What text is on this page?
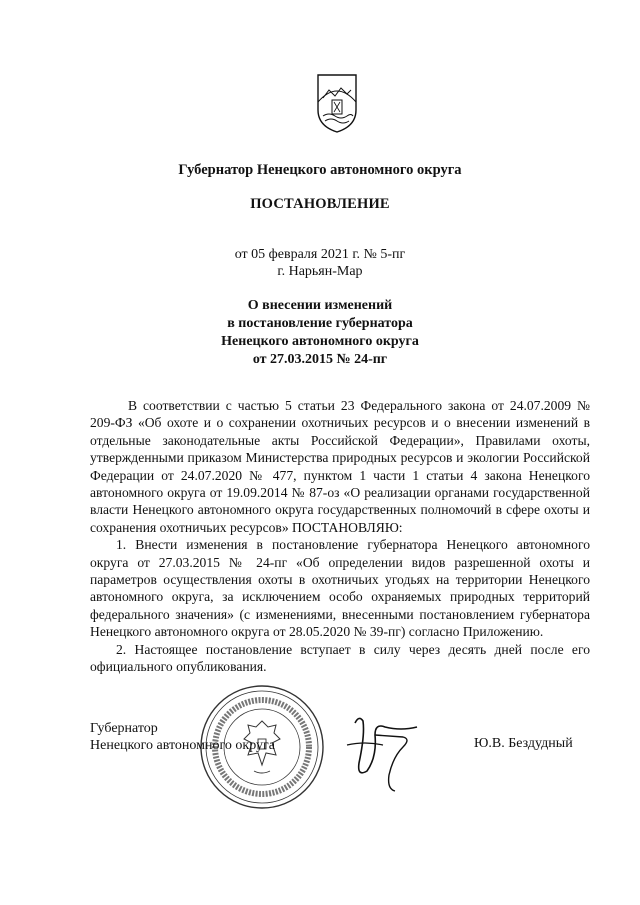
Губернатор Ненецкого автономного округа
ПОСТАНОВЛЕНИЕ
от 05 февраля 2021 г. № 5-пг
г. Нарьян-Мар
О внесении изменений
в постановление губернатора
Ненецкого автономного округа
от 27.03.2015 № 24-пг

В соответствии с частью 5 статьи 23 Федерального закона от 24.07.2009 № 209-ФЗ «Об охоте и о сохранении охотничьих ресурсов и о внесении изменений в отдельные законодательные акты Российской Федерации», Правилами охоты, утвержденными приказом Министерства природных ресурсов и экологии Российской Федерации от 24.07.2020 № 477, пунктом 1 части 1 статьи 4 закона Ненецкого автономного округа от 19.09.2014 № 87-оз «О реализации органами государственной власти Ненецкого автономного округа государственных полномочий в сфере охоты и сохранения охотничьих ресурсов» ПОСТАНОВЛЯЮ:

1. Внести изменения в постановление губернатора Ненецкого автономного округа от 27.03.2015 № 24-пг «Об определении видов разрешенной охоты и параметров осуществления охоты в охотничьих угодьях на территории Ненецкого автономного округа, за исключением особо охраняемых природных территорий федерального значения» (с изменениями, внесенными постановлением губернатора Ненецкого автономного округа от 28.05.2020 № 39-пг) согласно Приложению.

2. Настоящее постановление вступает в силу через десять дней после его официального опубликования.

Губернатор
Ненецкого автономного округа	Ю.В. Бездудный
